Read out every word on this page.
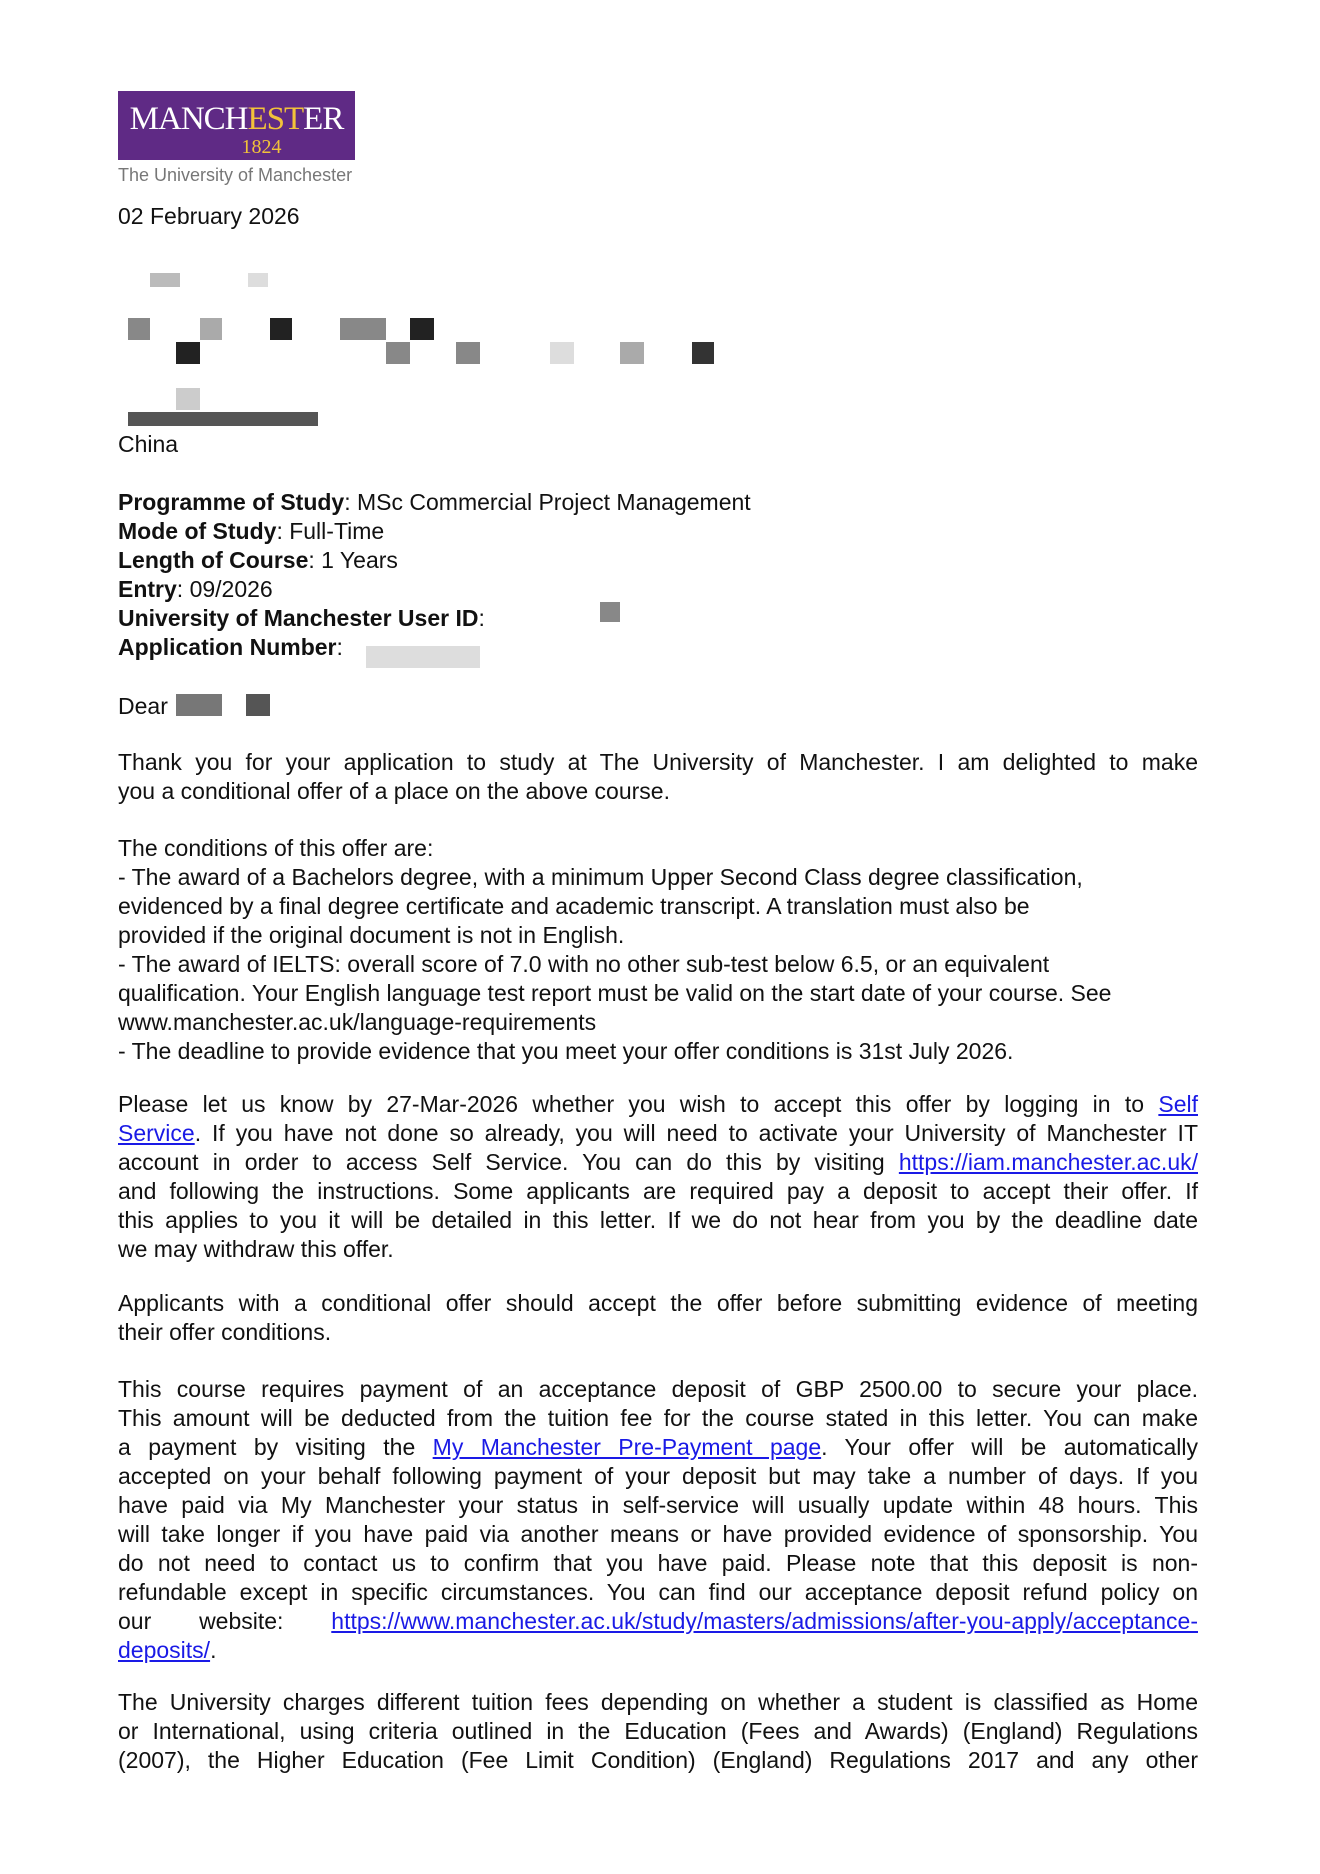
MANCHESTER
1824
The University of Manchester
02 February 2026
China
Programme of Study: MSc Commercial Project Management
Mode of Study: Full-Time
Length of Course: 1 Years
Entry: 09/2026
University of Manchester User ID:
Application Number:
Dear
Thank you for your application to study at The University of Manchester. I am delighted to make
you a conditional offer of a place on the above course.
The conditions of this offer are:
- The award of a Bachelors degree, with a minimum Upper Second Class degree classification,
evidenced by a final degree certificate and academic transcript. A translation must also be
provided if the original document is not in English.
- The award of IELTS: overall score of 7.0 with no other sub-test below 6.5, or an equivalent
qualification. Your English language test report must be valid on the start date of your course. See
www.manchester.ac.uk/language-requirements
- The deadline to provide evidence that you meet your offer conditions is 31st July 2026.
Please let us know by 27-Mar-2026 whether you wish to accept this offer by logging in to Self
Service. If you have not done so already, you will need to activate your University of Manchester IT
account in order to access Self Service. You can do this by visiting https://iam.manchester.ac.uk/
and following the instructions. Some applicants are required pay a deposit to accept their offer. If
this applies to you it will be detailed in this letter. If we do not hear from you by the deadline date
we may withdraw this offer.
Applicants with a conditional offer should accept the offer before submitting evidence of meeting
their offer conditions.
This course requires payment of an acceptance deposit of GBP 2500.00 to secure your place.
This amount will be deducted from the tuition fee for the course stated in this letter. You can make
a payment by visiting the My Manchester Pre-Payment page. Your offer will be automatically
accepted on your behalf following payment of your deposit but may take a number of days. If you
have paid via My Manchester your status in self-service will usually update within 48 hours. This
will take longer if you have paid via another means or have provided evidence of sponsorship. You
do not need to contact us to confirm that you have paid. Please note that this deposit is non-
refundable except in specific circumstances. You can find our acceptance deposit refund policy on
our website: https://www.manchester.ac.uk/study/masters/admissions/after-you-apply/acceptance-
deposits/.
The University charges different tuition fees depending on whether a student is classified as Home
or International, using criteria outlined in the Education (Fees and Awards) (England) Regulations
(2007), the Higher Education (Fee Limit Condition) (England) Regulations 2017 and any other
